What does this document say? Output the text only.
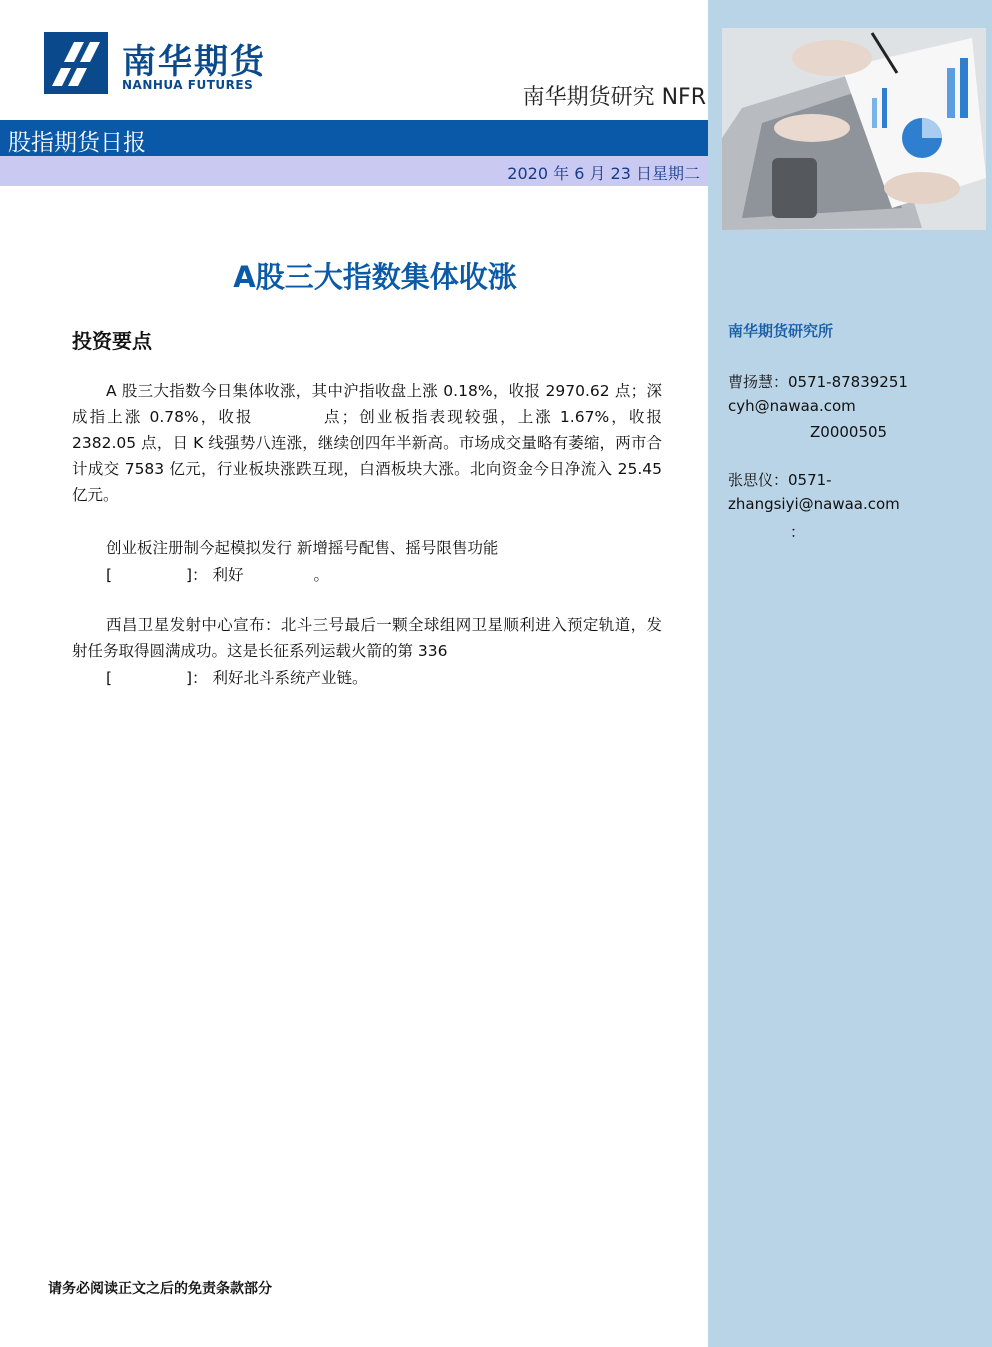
南华期货
NANHUA FUTURES	南华期货研究 NFR
股指期货日报
2020 年 6 月 23 日星期二
A股三大指数集体收涨
投资要点
A 股三大指数今日集体收涨，其中沪指收盘上涨 0.18%，收报 2970.62 点；深成指上涨 0.78%，收报　　　　点；创业板指表现较强，上涨 1.67%，收报 2382.05 点，日 K 线强势八连涨，继续创四年半新高。市场成交量略有萎缩，两市合计成交 7583 亿元，行业板块涨跌互现，白酒板块大涨。北向资金今日净流入 25.45 亿元。
创业板注册制今起模拟发行 新增摇号配售、摇号限售功能
[	]： 利好	。
西昌卫星发射中心宣布：北斗三号最后一颗全球组网卫星顺利进入预定轨道，发射任务取得圆满成功。这是长征系列运载火箭的第 336
[	]： 利好北斗系统产业链。
南华期货研究所
曹扬慧：0571-87839251
cyh@nawaa.com
Z0000505
张思仪：0571-
zhangsiyi@nawaa.com
：
请务必阅读正文之后的免责条款部分
